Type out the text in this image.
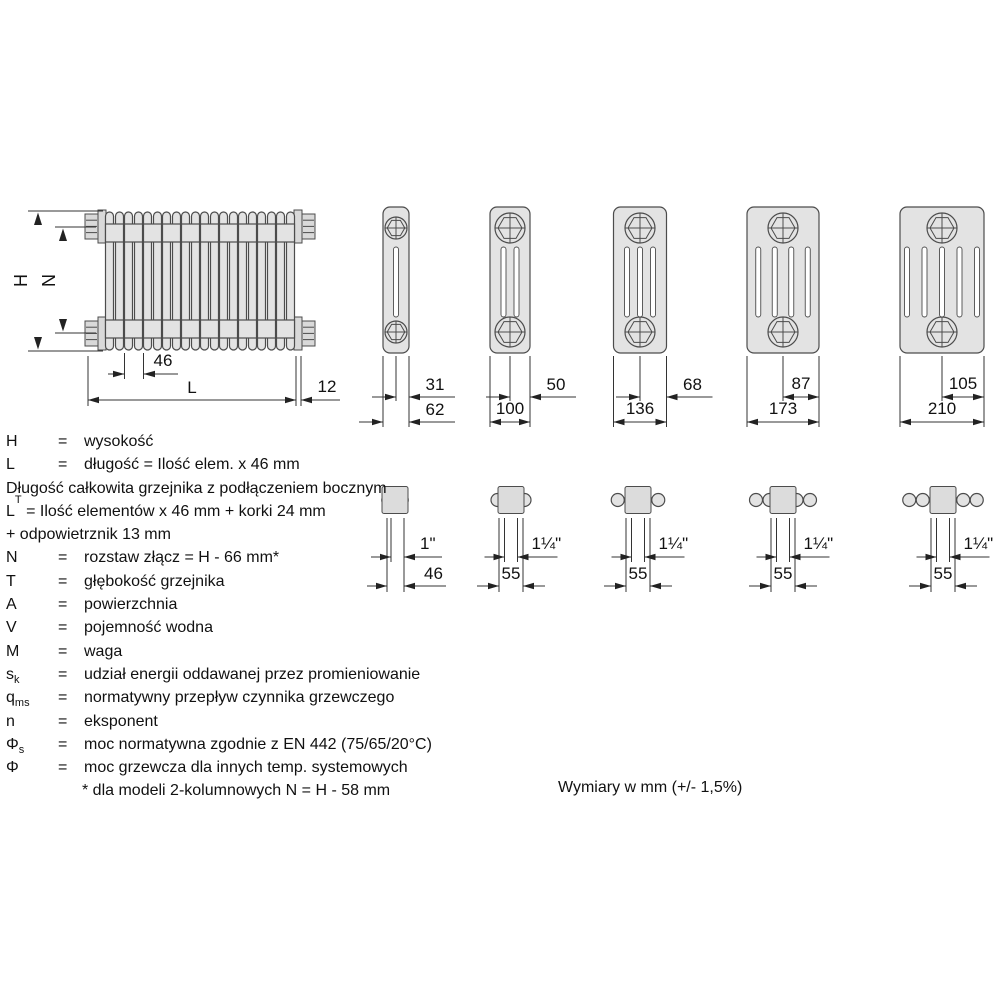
H N
46
L	12	31
62
50
100
68
136
87
173
105
210
1"
46
1¼"
55
1¼"
55
1¼"
55
1¼"
55
H	=	wysokość
L	=	długość = Ilość elem. x 46 mm
Długość całkowita grzejnika z podłączeniem bocznym
L
T
= Ilość elementów x 46 mm + korki 24 mm
+ odpowietrznik 13 mm
N	=	rozstaw złącz = H - 66 mm*
T	=	głębokość grzejnika
A	=	powierzchnia
V	=	pojemność wodna
M	=	waga
$s_k$	=	udział energii oddawanej przez promieniowanie
$q_{ms}$	=	normatywny przepływ czynnika grzewczego
n	=	eksponent
$\Phi_s$	=	moc normatywna zgodnie z EN 442 (75/65/20°C)
Φ	=	moc grzewcza dla innych temp. systemowych
* dla modeli 2-kolumnowych N = H - 58 mm	Wymiary w mm (+/- 1,5%)
